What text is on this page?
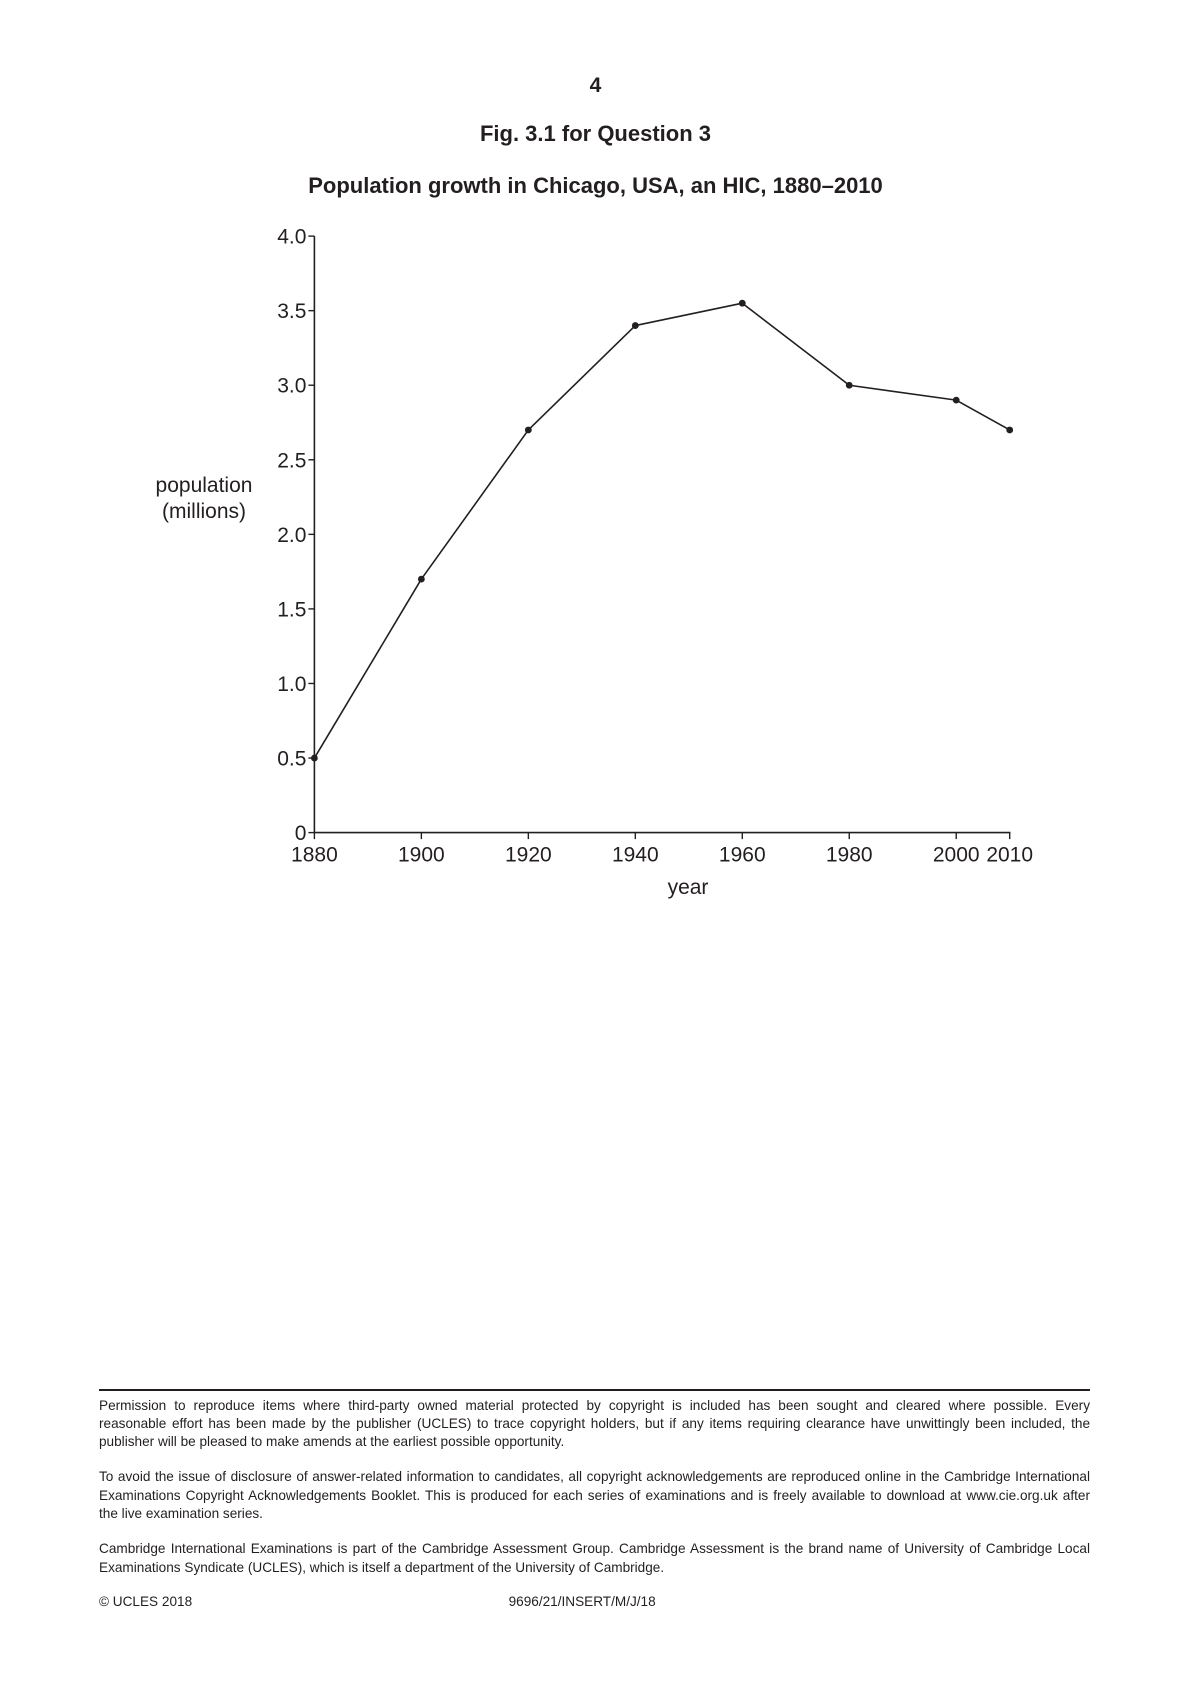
4
Fig. 3.1 for Question 3
Population growth in Chicago, USA, an HIC, 1880–2010
0
0.5
1.0
1.5
2.0
2.5
3.0
3.5
4.0
1880	1900	1920	1940	1960	1980	2000 2010
population (millions)
year
Permission to reproduce items where third-party owned material protected by copyright is included has been sought and cleared where possible. Every
reasonable effort has been made by the publisher (UCLES) to trace copyright holders, but if any items requiring clearance have unwittingly been included, the
publisher will be pleased to make amends at the earliest possible opportunity.
To avoid the issue of disclosure of answer-related information to candidates, all copyright acknowledgements are reproduced online in the Cambridge International
Examinations Copyright Acknowledgements Booklet. This is produced for each series of examinations and is freely available to download at www.cie.org.uk after
the live examination series.
Cambridge International Examinations is part of the Cambridge Assessment Group. Cambridge Assessment is the brand name of University of Cambridge Local
Examinations Syndicate (UCLES), which is itself a department of the University of Cambridge.
© UCLES 2018	9696/21/INSERT/M/J/18
